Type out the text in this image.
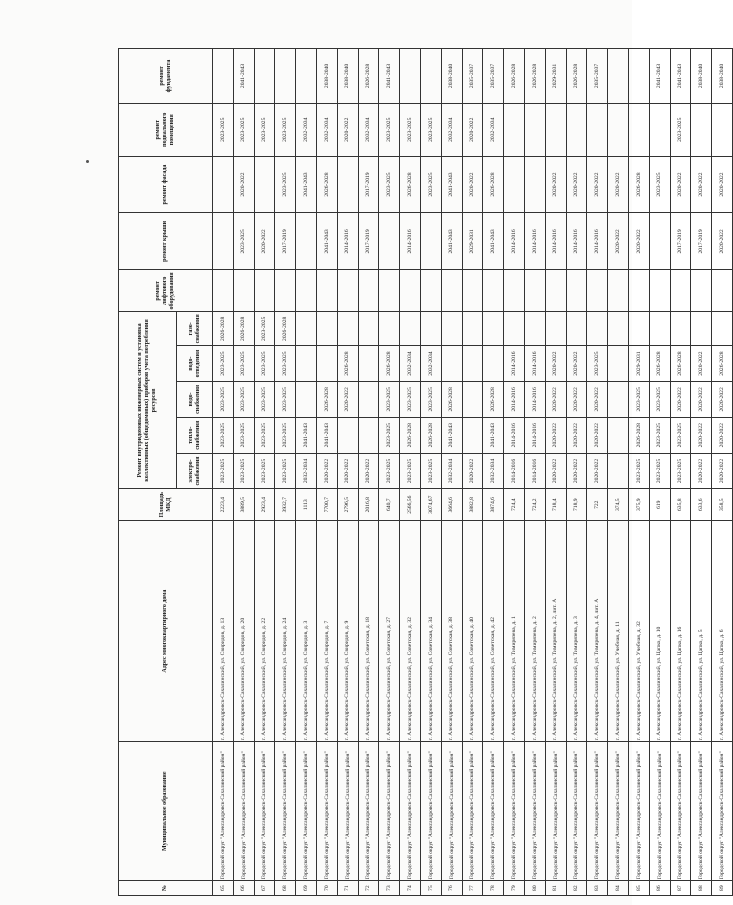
№	Муниципальное образование	Адрес многоквартирного дома	Площадь МКД	Ремонт внутридомовых инженерных систем и установка коллективных (общедомовых) приборов учета потребления ресурсов					ремонт лифтового оборудования	ремонт крыши	ремонт фасада	ремонт подвального помещения	ремонт фундамента

				электро-снабжения	тепло-снабжения	водо-снабжения	водо-отведения	газо-снабжения					
65	Городской округ "Александровск-Сахалинский район"	г. Александровск-Сахалинский, ул. Свиридов, д. 13	2223,4	2023-2025	2023-2025	2023-2025	2023-2025	2026-2028				2023-2025	
66	Городской округ "Александровск-Сахалинский район"	г. Александровск-Сахалинский, ул. Свиридов, д. 20	3889,5	2023-2025	2023-2025	2023-2025	2023-2025	2026-2028		2023-2025	2020-2022	2023-2025	2041-2043
67	Городской округ "Александровск-Сахалинский район"	г. Александровск-Сахалинский, ул. Свиридов, д. 22	2923,4	2023-2025	2023-2025	2023-2025	2023-2025	2023-2025		2020-2022		2023-2025	
68	Городской округ "Александровск-Сахалинский район"	г. Александровск-Сахалинский, ул. Свиридов, д. 24	3932,7	2023-2025	2023-2025	2023-2025	2023-2025	2026-2028		2017-2019	2023-2025	2023-2025	
69	Городской округ "Александровск-Сахалинский район"	г. Александровск-Сахалинский, ул. Свиридов, д. 3	1113	2032-2034	2041-2043						2041-2043	2032-2034	
70	Городской округ "Александровск-Сахалинский район"	г. Александровск-Сахалинский, ул. Свиридов, д. 7	7700,7	2020-2022	2041-2043	2026-2028				2041-2043	2026-2028	2032-2034	2038-2040
71	Городской округ "Александровск-Сахалинский район"	г. Александровск-Сахалинский, ул. Свиридов, д. 9	2796,5	2020-2022		2020-2022	2026-2028			2014-2016		2020-2022	2038-2040
72	Городской округ "Александровск-Сахалинский район"	г. Александровск-Сахалинский, ул. Советская, д. 18	2016,8	2020-2022						2017-2019	2017-2019	2032-2034	2026-2028
73	Городской округ "Александровск-Сахалинский район"	г. Александровск-Сахалинский, ул. Советская, д. 27	640,7	2023-2025	2023-2025	2023-2025	2026-2028				2023-2025	2023-2025	2041-2043
74	Городской округ "Александровск-Сахалинский район"	г. Александровск-Сахалинский, ул. Советская, д. 32	2566,56	2023-2025	2026-2028	2023-2025	2032-2034			2014-2016	2026-2028	2023-2025	
75	Городской округ "Александровск-Сахалинский район"	г. Александровск-Сахалинский, ул. Советская, д. 34	3074,67	2023-2025	2026-2028	2023-2025	2032-2034				2023-2025	2023-2025	
76	Городской округ "Александровск-Сахалинский район"	г. Александровск-Сахалинский, ул. Советская, д. 38	3664,6	2032-2034	2041-2043	2026-2028				2041-2043	2041-2043	2032-2034	2038-2040
77	Городской округ "Александровск-Сахалинский район"	г. Александровск-Сахалинский, ул. Советская, д. 40	3882,8	2020-2022						2029-2031	2020-2022	2020-2022	2035-2037
78	Городской округ "Александровск-Сахалинский район"	г. Александровск-Сахалинский, ул. Советская, д. 42	3874,6	2032-2034	2041-2043	2026-2028				2041-2043	2026-2028	2032-2034	2035-2037
79	Городской округ "Александровск-Сахалинский район"	г. Александровск-Сахалинский, ул. Тимирязева, д. 1	724,4	2014-2016	2014-2016	2014-2016	2014-2016			2014-2016			2026-2028
80	Городской округ "Александровск-Сахалинский район"	г. Александровск-Сахалинский, ул. Тимирязева, д. 2	724,2	2014-2016	2014-2016	2014-2016	2014-2016			2014-2016			2026-2028
81	Городской округ "Александровск-Сахалинский район"	г. Александровск-Сахалинский, ул. Тимирязева, д. 2, лит. А	718,4	2020-2022	2020-2022	2020-2022	2020-2022			2014-2016	2020-2022		2029-2031
82	Городской округ "Александровск-Сахалинский район"	г. Александровск-Сахалинский, ул. Тимирязева, д. 3	718,9	2020-2022	2020-2022	2020-2022	2020-2022			2014-2016	2020-2022		2026-2028
83	Городской округ "Александровск-Сахалинский район"	г. Александровск-Сахалинский, ул. Тимирязева, д. 4, лит. А	722	2020-2022	2020-2022	2020-2022	2023-2025			2014-2016	2020-2022		2035-2037
84	Городской округ "Александровск-Сахалинский район"	г. Александровск-Сахалинский, ул. Учебная, д. 11	374,5							2020-2022	2020-2022		
85	Городской округ "Александровск-Сахалинский район"	г. Александровск-Сахалинский, ул. Учебная, д. 32	375,9	2023-2025	2026-2028	2023-2025	2029-2031			2020-2022	2026-2028		
86	Городской округ "Александровск-Сахалинский район"	г. Александровск-Сахалинский, ул. Цапко, д. 10	619	2023-2025	2023-2025	2023-2025	2026-2028				2023-2025		2041-2043
87	Городской округ "Александровск-Сахалинский район"	г. Александровск-Сахалинский, ул. Цапко, д. 16	635,8	2023-2025	2023-2025	2020-2022	2026-2028			2017-2019	2020-2022	2023-2025	2041-2043
88	Городской округ "Александровск-Сахалинский район"	г. Александровск-Сахалинский, ул. Цапко, д. 5	633,6	2020-2022	2020-2022	2020-2022	2020-2022			2017-2019	2020-2022		2038-2040
89	Городской округ "Александровск-Сахалинский район"	г. Александровск-Сахалинский, ул. Цапко, д. 6	358,5	2020-2022	2020-2022	2020-2022	2026-2028			2020-2022	2020-2022		2038-2040
